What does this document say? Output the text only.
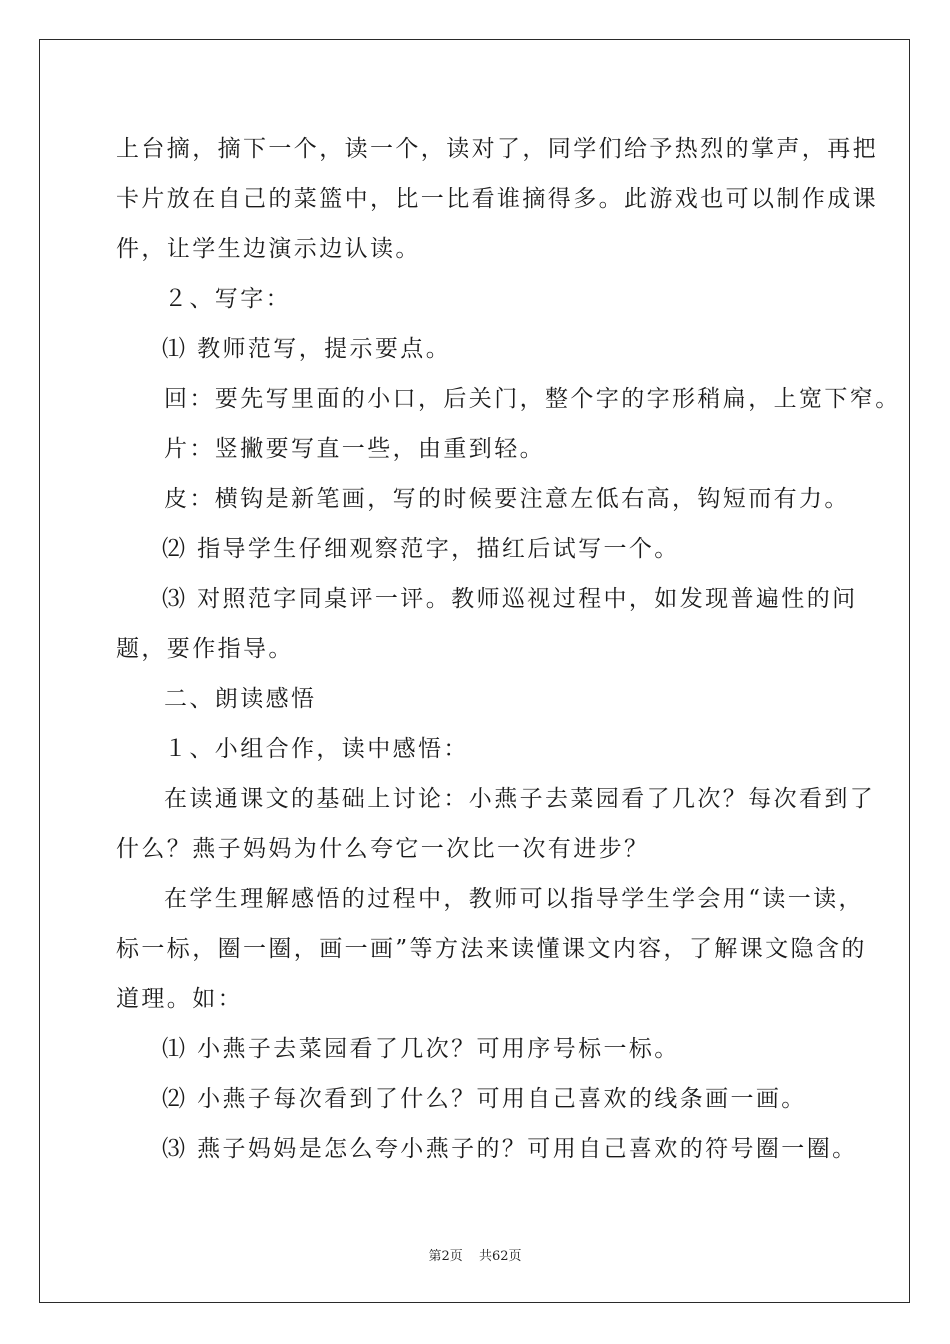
上台摘，摘下一个，读一个，读对了，同学们给予热烈的掌声，再把

卡片放在自己的菜篮中，比一比看谁摘得多。此游戏也可以制作成课

件，让学生边演示边认读。

２、写字：

⑴ 教师范写，提示要点。

回：要先写里面的小口，后关门，整个字的字形稍扁，上宽下窄。

片：竖撇要写直一些，由重到轻。

皮：横钩是新笔画，写的时候要注意左低右高，钩短而有力。

⑵ 指导学生仔细观察范字，描红后试写一个。

⑶ 对照范字同桌评一评。教师巡视过程中，如发现普遍性的问

题，要作指导。

二、朗读感悟

１、小组合作，读中感悟：

在读通课文的基础上讨论：小燕子去菜园看了几次？每次看到了

什么？燕子妈妈为什么夸它一次比一次有进步？

在学生理解感悟的过程中，教师可以指导学生学会用“读一读，

标一标，圈一圈，画一画”等方法来读懂课文内容，了解课文隐含的

道理。如：

⑴ 小燕子去菜园看了几次？可用序号标一标。

⑵ 小燕子每次看到了什么？可用自己喜欢的线条画一画。

⑶ 燕子妈妈是怎么夸小燕子的？可用自己喜欢的符号圈一圈。

第2页 共62页
